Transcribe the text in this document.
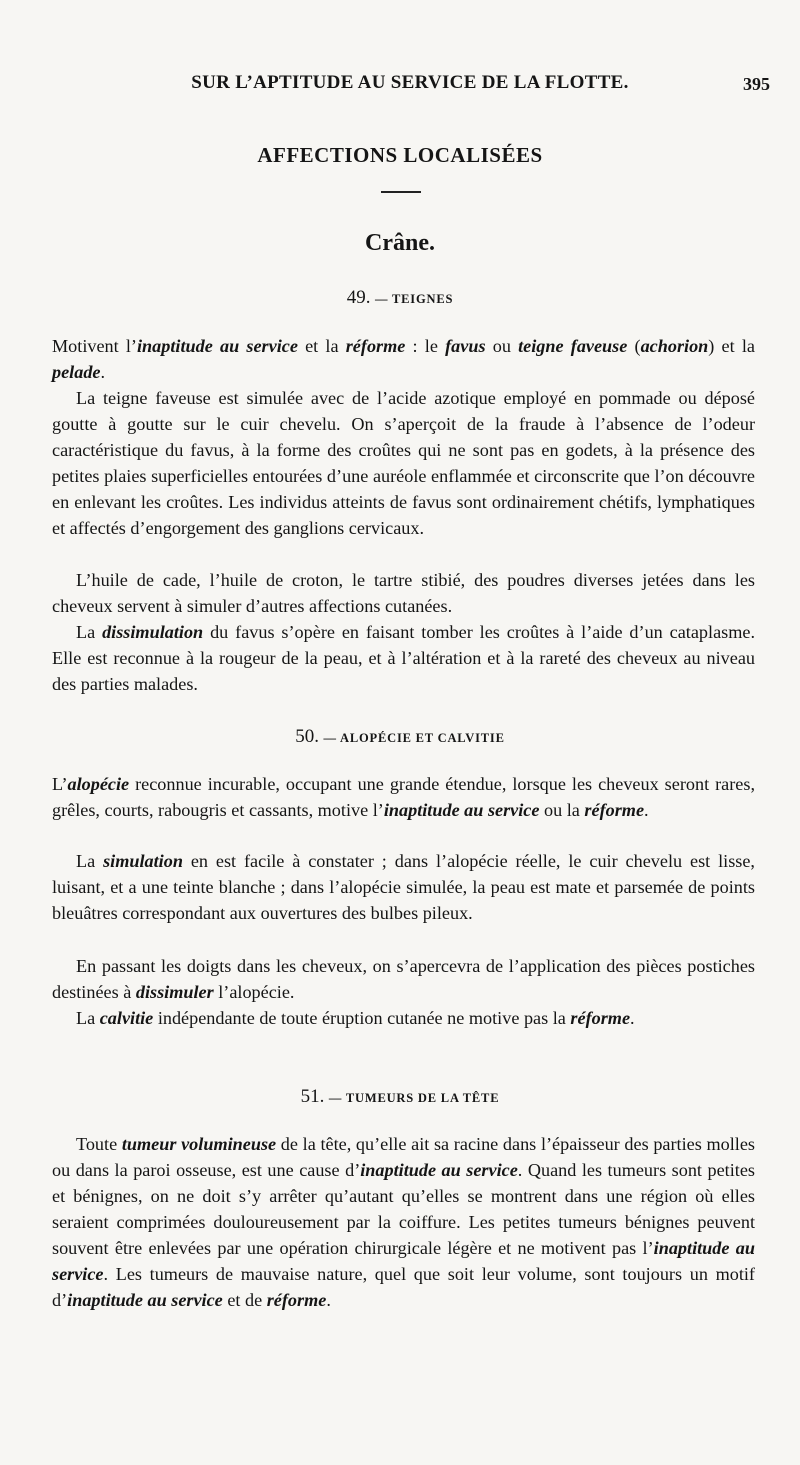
SUR L’APTITUDE AU SERVICE DE LA FLOTTE.	395
AFFECTIONS LOCALISÉES
Crâne.
49. — TEIGNES

Motivent l’inaptitude au service et la réforme : le favus ou teigne faveuse (achorion) et la pelade.

La teigne faveuse est simulée avec de l’acide azotique employé en pommade ou déposé goutte à goutte sur le cuir chevelu. On s’aperçoit de la fraude à l’absence de l’odeur caractéristique du favus, à la forme des croûtes qui ne sont pas en godets, à la présence des petites plaies superficielles entourées d’une auréole enflammée et circonscrite que l’on découvre en enlevant les croûtes. Les individus atteints de favus sont ordinairement chétifs, lymphatiques et affectés d’engorgement des ganglions cervicaux.

L’huile de cade, l’huile de croton, le tartre stibié, des poudres diverses jetées dans les cheveux servent à simuler d’autres affections cutanées.

La dissimulation du favus s’opère en faisant tomber les croûtes à l’aide d’un cataplasme. Elle est reconnue à la rougeur de la peau, et à l’altération et à la rareté des cheveux au niveau des parties malades.

50. — ALOPÉCIE ET CALVITIE

L’alopécie reconnue incurable, occupant une grande étendue, lorsque les cheveux seront rares, grêles, courts, rabougris et cassants, motive l’inaptitude au service ou la réforme.

La simulation en est facile à constater ; dans l’alopécie réelle, le cuir chevelu est lisse, luisant, et a une teinte blanche ; dans l’alopécie simulée, la peau est mate et parsemée de points bleuâtres correspondant aux ouvertures des bulbes pileux.

En passant les doigts dans les cheveux, on s’apercevra de l’application des pièces postiches destinées à dissimuler l’alopécie.

La calvitie indépendante de toute éruption cutanée ne motive pas la réforme.

51. — TUMEURS DE LA TÊTE

Toute tumeur volumineuse de la tête, qu’elle ait sa racine dans l’épaisseur des parties molles ou dans la paroi osseuse, est une cause d’inaptitude au service. Quand les tumeurs sont petites et bénignes, on ne doit s’y arrêter qu’autant qu’elles se montrent dans une région où elles seraient comprimées douloureusement par la coiffure. Les petites tumeurs bénignes peuvent souvent être enlevées par une opération chirurgicale légère et ne motivent pas l’inaptitude au service. Les tumeurs de mauvaise nature, quel que soit leur volume, sont toujours un motif d’inaptitude au service et de réforme.
